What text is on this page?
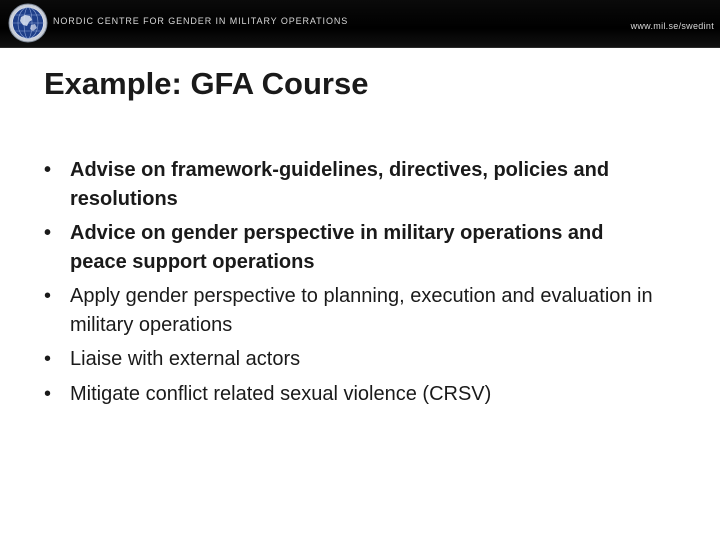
NORDIC CENTRE FOR GENDER IN MILITARY OPERATIONS	www.mil.se/swedint
Example: GFA Course
• Advise on framework-guidelines, directives, policies and resolutions
• Advice on gender perspective in military operations and peace support operations
• Apply gender perspective to planning, execution and evaluation in military operations
• Liaise with external actors
• Mitigate conflict related sexual violence (CRSV)
